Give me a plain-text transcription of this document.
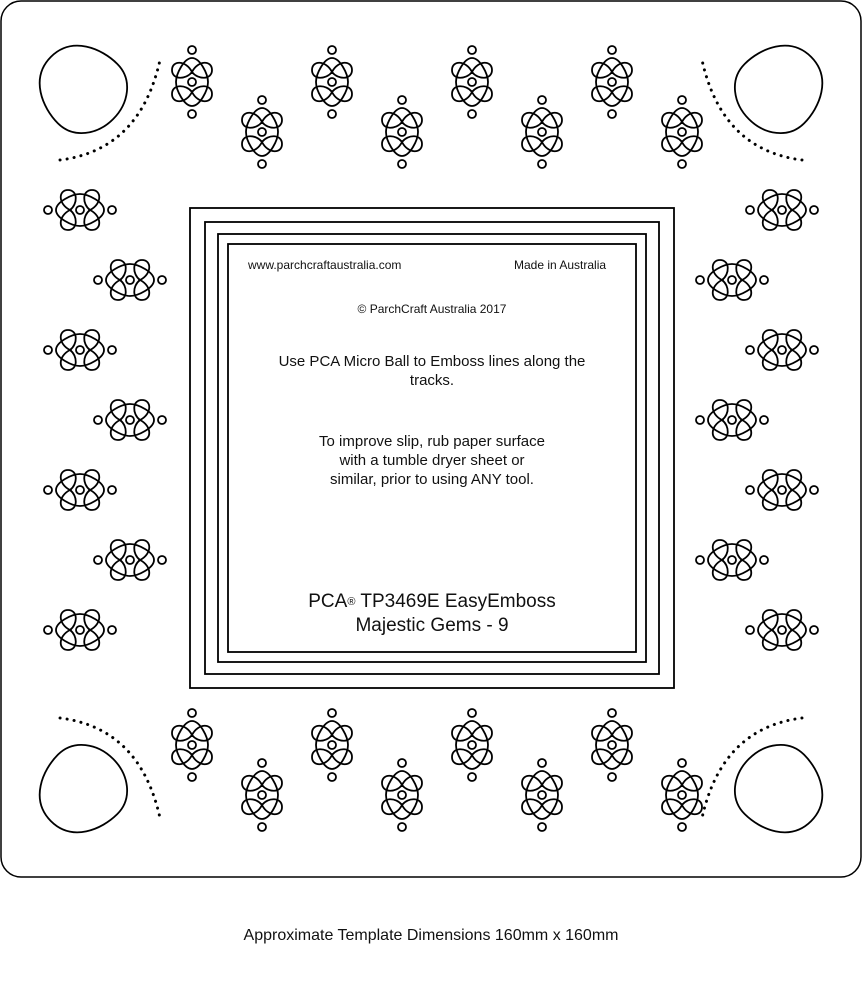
www.parchcraftaustralia.com	Made in Australia
© ParchCraft Australia 2017
Use PCA Micro Ball to Emboss lines along the tracks.
To improve slip, rub paper surface with a tumble dryer sheet or similar, prior to using ANY tool.
PCA® TP3469E EasyEmboss
Majestic Gems - 9
Approximate Template Dimensions 160mm x 160mm
